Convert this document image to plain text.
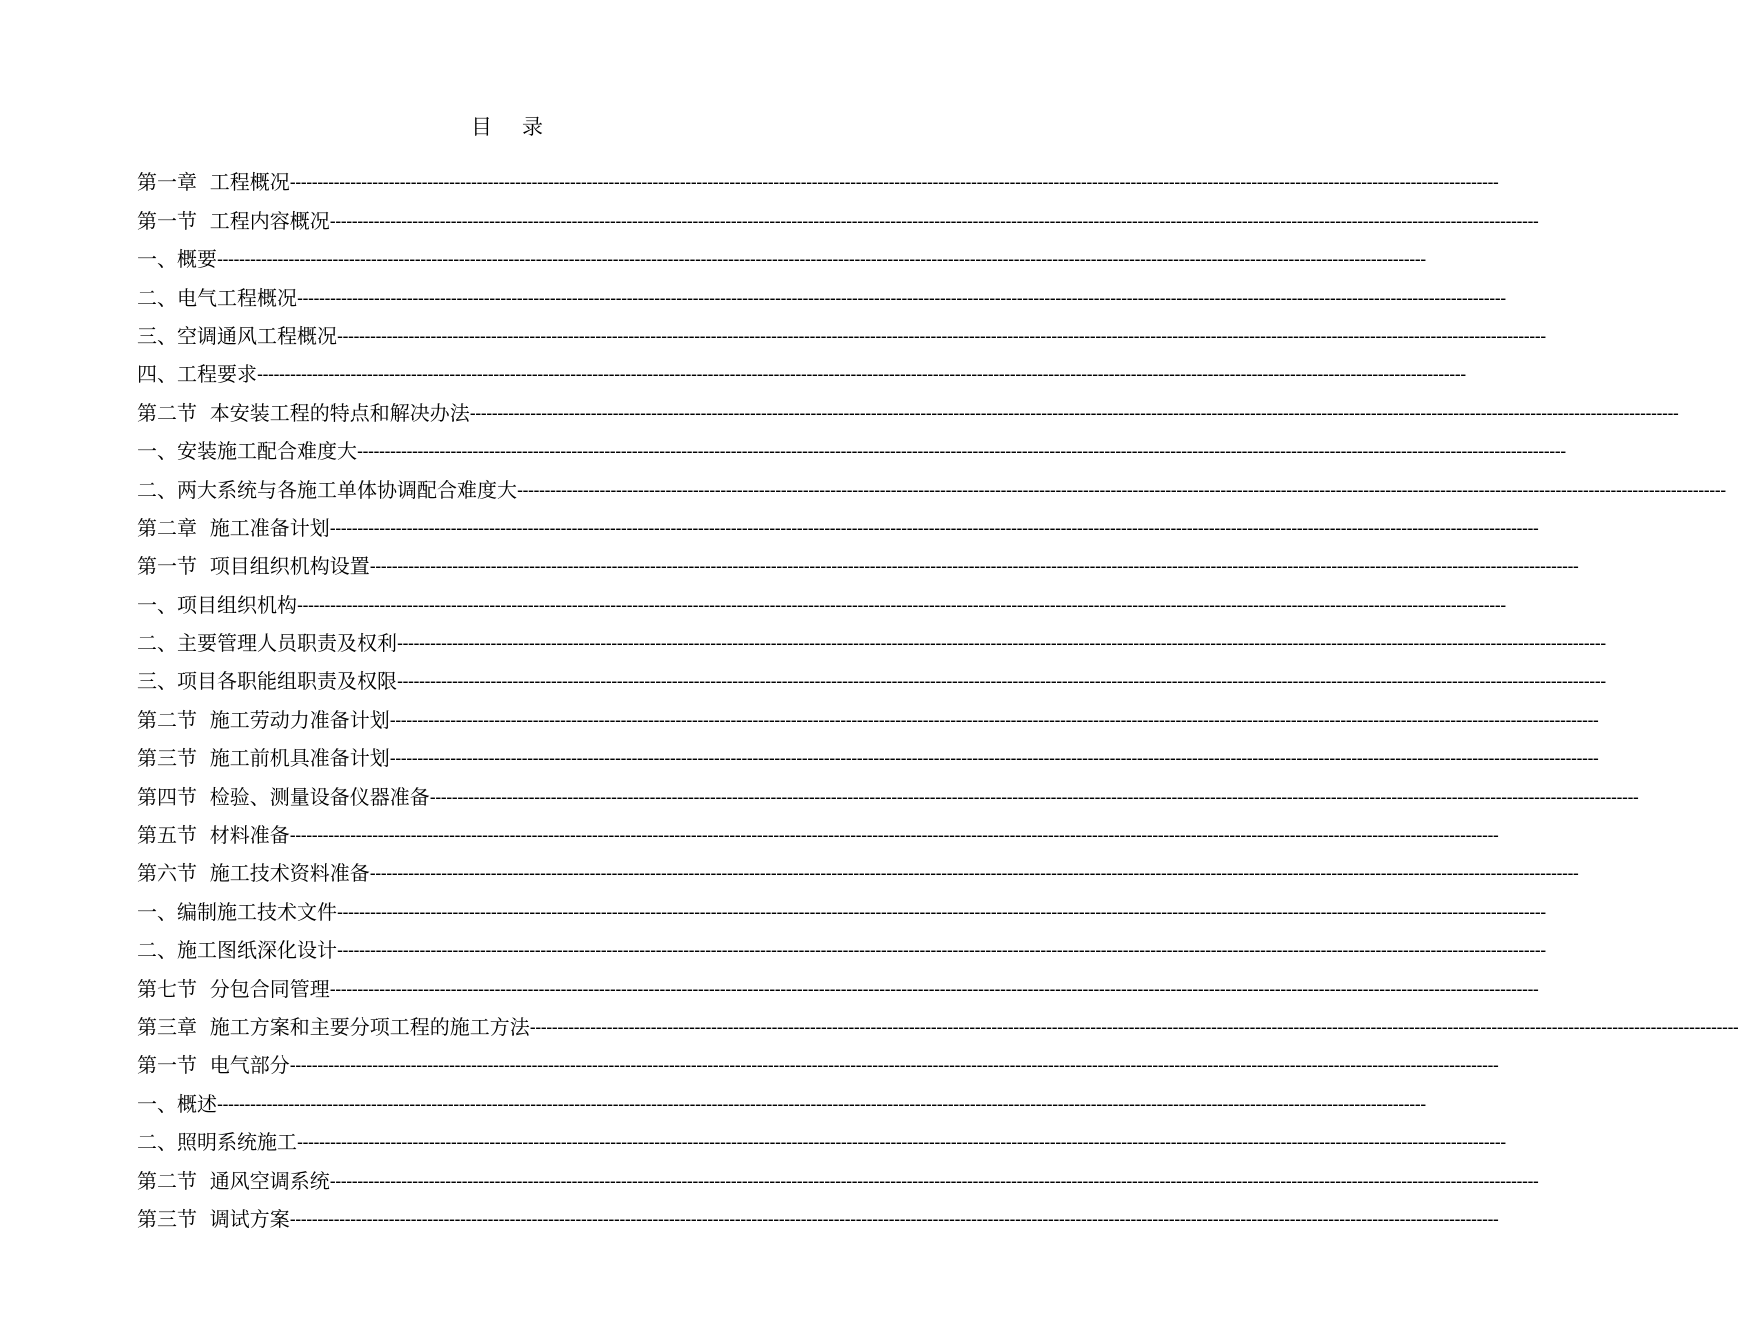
目录
第一章  工程概况 ----------------------------------------------------------------------------------------------------------------------------------------------------------------------------------------------------------------------------
第一节  工程内容概况 ----------------------------------------------------------------------------------------------------------------------------------------------------------------------------------------------------------------------------
一、概要 ----------------------------------------------------------------------------------------------------------------------------------------------------------------------------------------------------------------------------
二、电气工程概况 ----------------------------------------------------------------------------------------------------------------------------------------------------------------------------------------------------------------------------
三、空调通风工程概况 ----------------------------------------------------------------------------------------------------------------------------------------------------------------------------------------------------------------------------
四、工程要求 ----------------------------------------------------------------------------------------------------------------------------------------------------------------------------------------------------------------------------
第二节  本安装工程的特点和解决办法 ----------------------------------------------------------------------------------------------------------------------------------------------------------------------------------------------------------------------------
一、安装施工配合难度大 ----------------------------------------------------------------------------------------------------------------------------------------------------------------------------------------------------------------------------
二、两大系统与各施工单体协调配合难度大 ----------------------------------------------------------------------------------------------------------------------------------------------------------------------------------------------------------------------------
第二章  施工准备计划 ----------------------------------------------------------------------------------------------------------------------------------------------------------------------------------------------------------------------------
第一节  项目组织机构设置 ----------------------------------------------------------------------------------------------------------------------------------------------------------------------------------------------------------------------------
一、项目组织机构 ----------------------------------------------------------------------------------------------------------------------------------------------------------------------------------------------------------------------------
二、主要管理人员职责及权利 ----------------------------------------------------------------------------------------------------------------------------------------------------------------------------------------------------------------------------
三、项目各职能组职责及权限 ----------------------------------------------------------------------------------------------------------------------------------------------------------------------------------------------------------------------------
第二节  施工劳动力准备计划 ----------------------------------------------------------------------------------------------------------------------------------------------------------------------------------------------------------------------------
第三节  施工前机具准备计划 ----------------------------------------------------------------------------------------------------------------------------------------------------------------------------------------------------------------------------
第四节  检验、测量设备仪器准备 ----------------------------------------------------------------------------------------------------------------------------------------------------------------------------------------------------------------------------
第五节  材料准备 ----------------------------------------------------------------------------------------------------------------------------------------------------------------------------------------------------------------------------
第六节  施工技术资料准备 ----------------------------------------------------------------------------------------------------------------------------------------------------------------------------------------------------------------------------
一、编制施工技术文件 ----------------------------------------------------------------------------------------------------------------------------------------------------------------------------------------------------------------------------
二、施工图纸深化设计 ----------------------------------------------------------------------------------------------------------------------------------------------------------------------------------------------------------------------------
第七节  分包合同管理 ----------------------------------------------------------------------------------------------------------------------------------------------------------------------------------------------------------------------------
第三章  施工方案和主要分项工程的施工方法 ----------------------------------------------------------------------------------------------------------------------------------------------------------------------------------------------------------------------------
第一节  电气部分 ----------------------------------------------------------------------------------------------------------------------------------------------------------------------------------------------------------------------------
一、概述 ----------------------------------------------------------------------------------------------------------------------------------------------------------------------------------------------------------------------------
二、照明系统施工 ----------------------------------------------------------------------------------------------------------------------------------------------------------------------------------------------------------------------------
第二节  通风空调系统 ----------------------------------------------------------------------------------------------------------------------------------------------------------------------------------------------------------------------------
第三节  调试方案 ----------------------------------------------------------------------------------------------------------------------------------------------------------------------------------------------------------------------------
